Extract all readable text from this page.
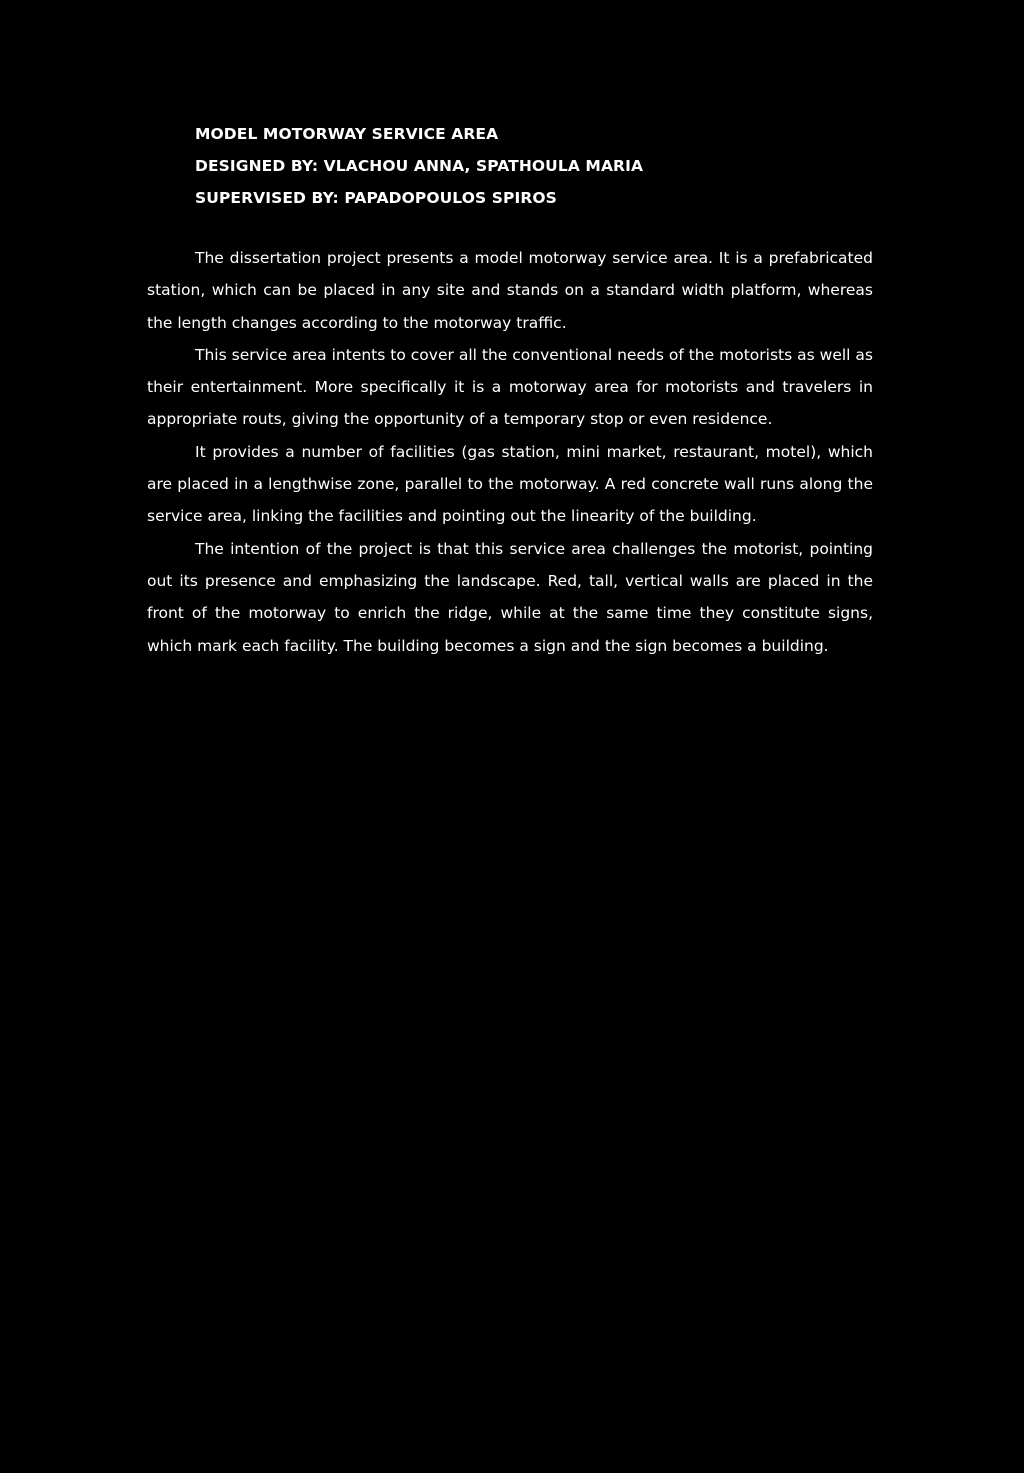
MODEL MOTORWAY SERVICE AREA
DESIGNED BY: VLACHOU ANNA, SPATHOULA MARIA
SUPERVISED BY: PAPADOPOULOS SPIROS

The dissertation project presents a model motorway service area. It is a prefabricated station, which can be placed in any site and stands on a standard width platform, whereas the length changes according to the motorway traffic.

This service area intents to cover all the conventional needs of the motorists as well as their entertainment. More specifically it is a motorway area for motorists and travelers in appropriate routs, giving the opportunity of a temporary stop or even residence.

It provides a number of facilities (gas station, mini market, restaurant, motel), which are placed in a lengthwise zone, parallel to the motorway. A red concrete wall runs along the service area, linking the facilities and pointing out the linearity of the building.

The intention of the project is that this service area challenges the motorist, pointing out its presence and emphasizing the landscape. Red, tall, vertical walls are placed in the front of the motorway to enrich the ridge, while at the same time they constitute signs, which mark each facility. The building becomes a sign and the sign becomes a building.
